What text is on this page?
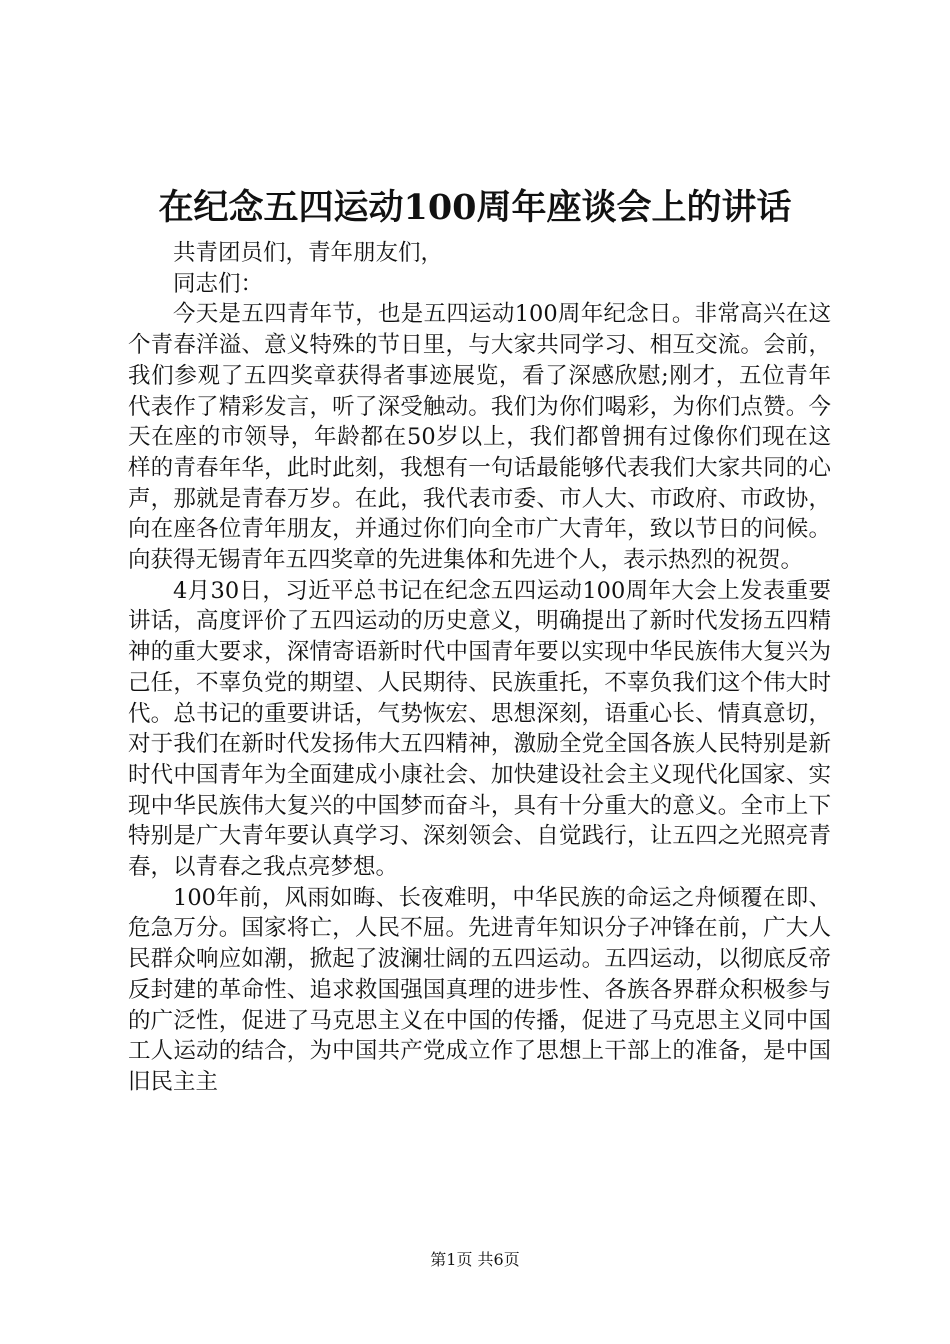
在纪念五四运动100周年座谈会上的讲话

共青团员们，青年朋友们，

同志们：

今天是五四青年节，也是五四运动100周年纪念日。非常高兴在这个青春洋溢、意义特殊的节日里，与大家共同学习、相互交流。会前，我们参观了五四奖章获得者事迹展览，看了深感欣慰;刚才，五位青年代表作了精彩发言，听了深受触动。我们为你们喝彩，为你们点赞。今天在座的市领导，年龄都在50岁以上，我们都曾拥有过像你们现在这样的青春年华，此时此刻，我想有一句话最能够代表我们大家共同的心声，那就是青春万岁。在此，我代表市委、市人大、市政府、市政协，向在座各位青年朋友，并通过你们向全市广大青年，致以节日的问候。向获得无锡青年五四奖章的先进集体和先进个人，表示热烈的祝贺。

4月30日，习近平总书记在纪念五四运动100周年大会上发表重要讲话，高度评价了五四运动的历史意义，明确提出了新时代发扬五四精神的重大要求，深情寄语新时代中国青年要以实现中华民族伟大复兴为己任，不辜负党的期望、人民期待、民族重托，不辜负我们这个伟大时代。总书记的重要讲话，气势恢宏、思想深刻，语重心长、情真意切，对于我们在新时代发扬伟大五四精神，激励全党全国各族人民特别是新时代中国青年为全面建成小康社会、加快建设社会主义现代化国家、实现中华民族伟大复兴的中国梦而奋斗，具有十分重大的意义。全市上下特别是广大青年要认真学习、深刻领会、自觉践行，让五四之光照亮青春，以青春之我点亮梦想。

100年前，风雨如晦、长夜难明，中华民族的命运之舟倾覆在即、危急万分。国家将亡，人民不屈。先进青年知识分子冲锋在前，广大人民群众响应如潮，掀起了波澜壮阔的五四运动。五四运动，以彻底反帝反封建的革命性、追求救国强国真理的进步性、各族各界群众积极参与的广泛性，促进了马克思主义在中国的传播，促进了马克思主义同中国工人运动的结合，为中国共产党成立作了思想上干部上的准备，是中国旧民主主

第1页 共6页
